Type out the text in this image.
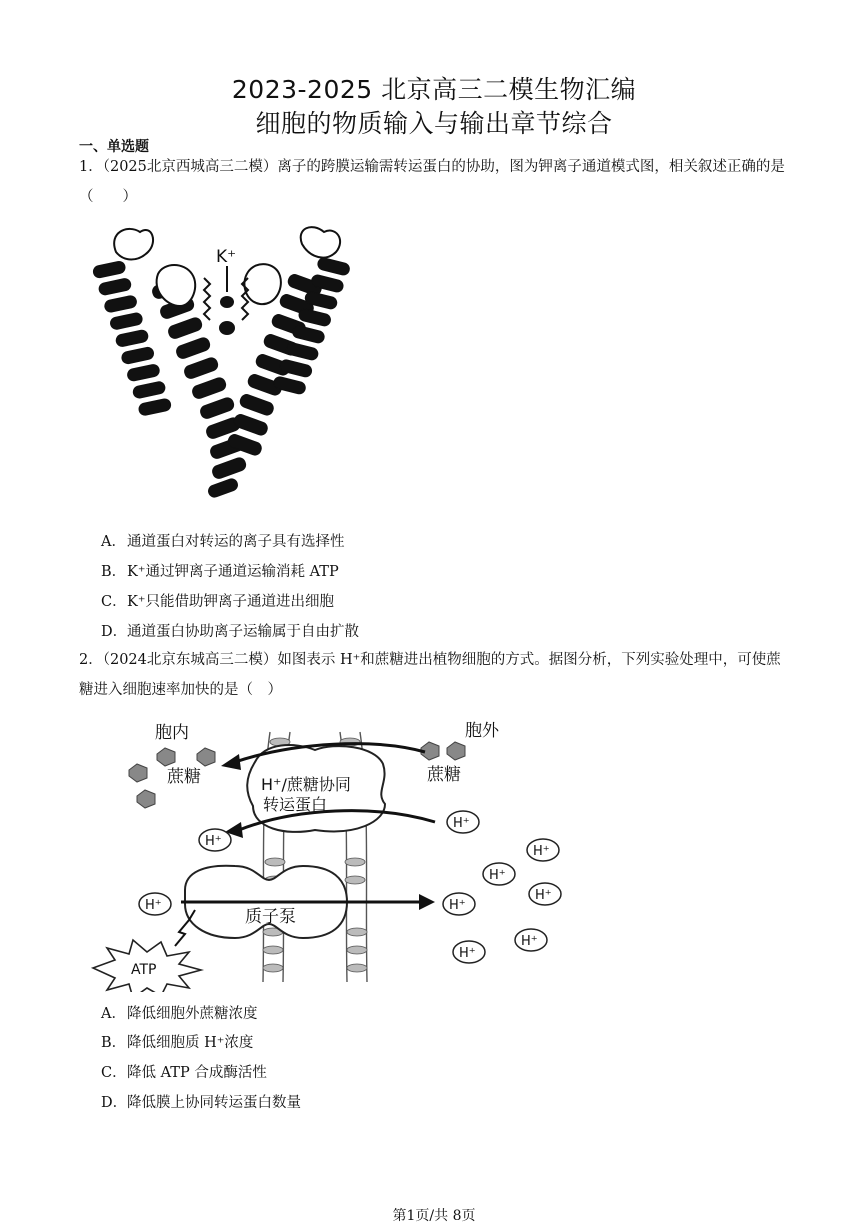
2023-2025 北京高三二模生物汇编
细胞的物质输入与输出章节综合
一、单选题
1．（2025北京西城高三二模）离子的跨膜运输需转运蛋白的协助，图为钾离子通道模式图，相关叙述正确的是（　　）
K⁺
A．通道蛋白对转运的离子具有选择性
B．K⁺通过钾离子通道运输消耗 ATP
C．K⁺只能借助钾离子通道进出细胞
D．通道蛋白协助离子运输属于自由扩散
2．（2024北京东城高三二模）如图表示 H⁺和蔗糖进出植物细胞的方式。据图分析，下列实验处理中，可使蔗糖进入细胞速率加快的是（　）
胞内	胞外
蔗糖	蔗糖
H⁺/蔗糖协同
转运蛋白
质子泵
ATP
H⁺
H⁺
H⁺
H⁺
H⁺
H⁺	H⁺
H⁺
H⁺
A．降低细胞外蔗糖浓度
B．降低细胞质 H⁺浓度
C．降低 ATP 合成酶活性
D．降低膜上协同转运蛋白数量
第1页/共 8页
